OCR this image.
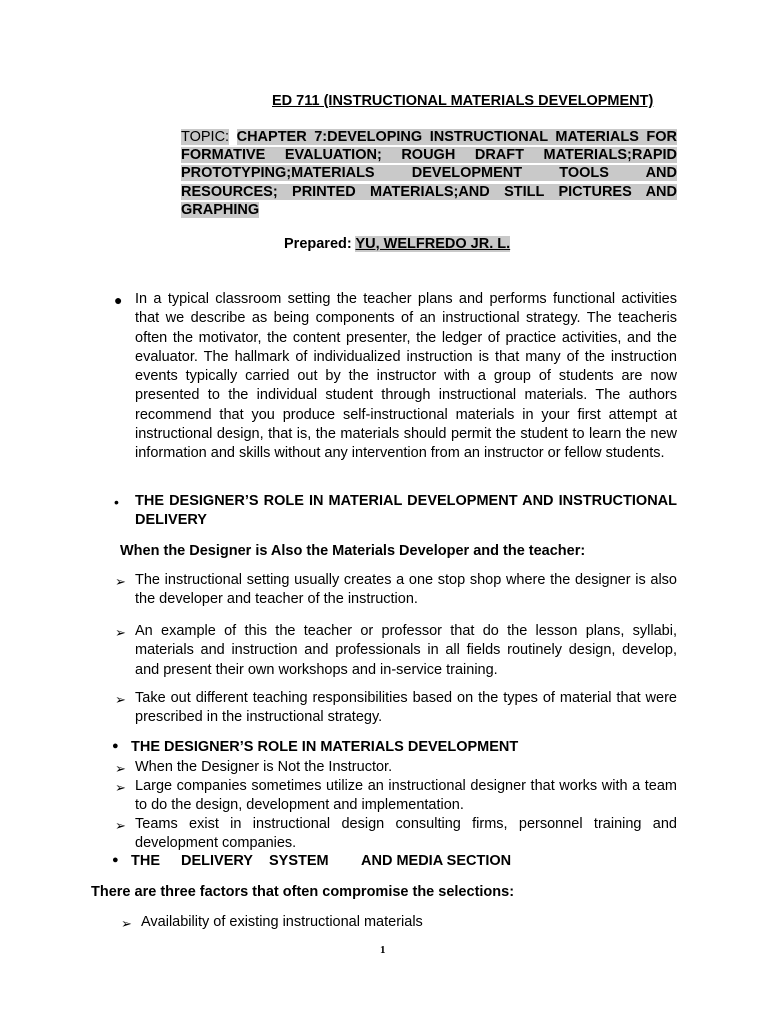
ED 711 (INSTRUCTIONAL MATERIALS DEVELOPMENT)
TOPIC: CHAPTER 7:DEVELOPING INSTRUCTIONAL MATERIALS FOR FORMATIVE EVALUATION; ROUGH DRAFT MATERIALS;RAPID PROTOTYPING;MATERIALS DEVELOPMENT TOOLS AND RESOURCES; PRINTED MATERIALS;AND STILL PICTURES AND GRAPHING
Prepared: YU, WELFREDO JR. L.
● In a typical classroom setting the teacher plans and performs functional activities that we describe as being components of an instructional strategy. The teacheris often the motivator, the content presenter, the ledger of practice activities, and the evaluator. The hallmark of individualized instruction is that many of the instruction events typically carried out by the instructor with a group of students are now presented to the individual student through instructional materials. The authors recommend that you produce self-instructional materials in your first attempt at instructional design, that is, the materials should permit the student to learn the new information and skills without any intervention from an instructor or fellow students.
• THE DESIGNER’S ROLE IN MATERIAL DEVELOPMENT AND INSTRUCTIONAL DELIVERY
When the Designer is Also the Materials Developer and the teacher:
➢ The instructional setting usually creates a one stop shop where the designer is also the developer and teacher of the instruction.
➢ An example of this the teacher or professor that do the lesson plans, syllabi, materials and instruction and professionals in all fields routinely design, develop, and present their own workshops and in-service training.
➢ Take out different teaching responsibilities based on the types of material that were prescribed in the instructional strategy.
● THE DESIGNER’S ROLE IN MATERIALS DEVELOPMENT
➢ When the Designer is Not the Instructor.
➢ Large companies sometimes utilize an instructional designer that works with a team to do the design, development and implementation.
➢ Teams exist in instructional design consulting firms, personnel training and development companies.
● THE DELIVERY SYSTEM AND MEDIA SECTION
There are three factors that often compromise the selections:
➢ Availability of existing instructional materials
1
